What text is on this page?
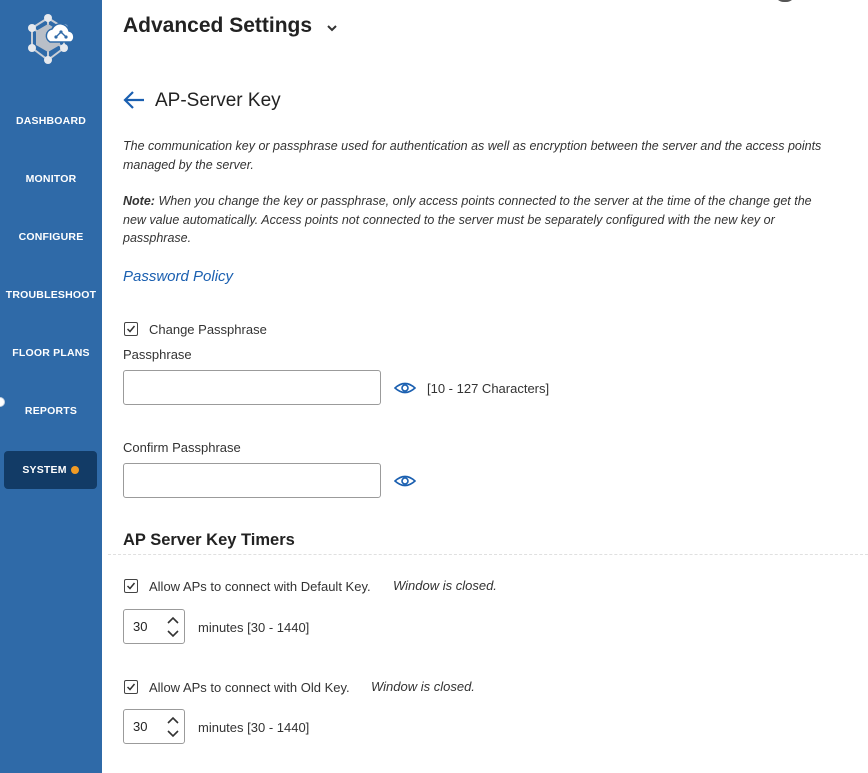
DASHBOARD
MONITOR
CONFIGURE
TROUBLESHOOT
FLOOR PLANS
REPORTS
SYSTEM
Advanced Settings
AP-Server Key
The communication key or passphrase used for authentication as well as encryption between the server and the access points managed by the server.
Note: When you change the key or passphrase, only access points connected to the server at the time of the change get the new value automatically. Access points not connected to the server must be separately configured with the new key or passphrase.
Password Policy
Change Passphrase
Passphrase
[10 - 127 Characters]
Confirm Passphrase
AP Server Key Timers
Allow APs to connect with Default Key. Window is closed.
30	minutes [30 - 1440]
Allow APs to connect with Old Key. Window is closed.
30	minutes [30 - 1440]
